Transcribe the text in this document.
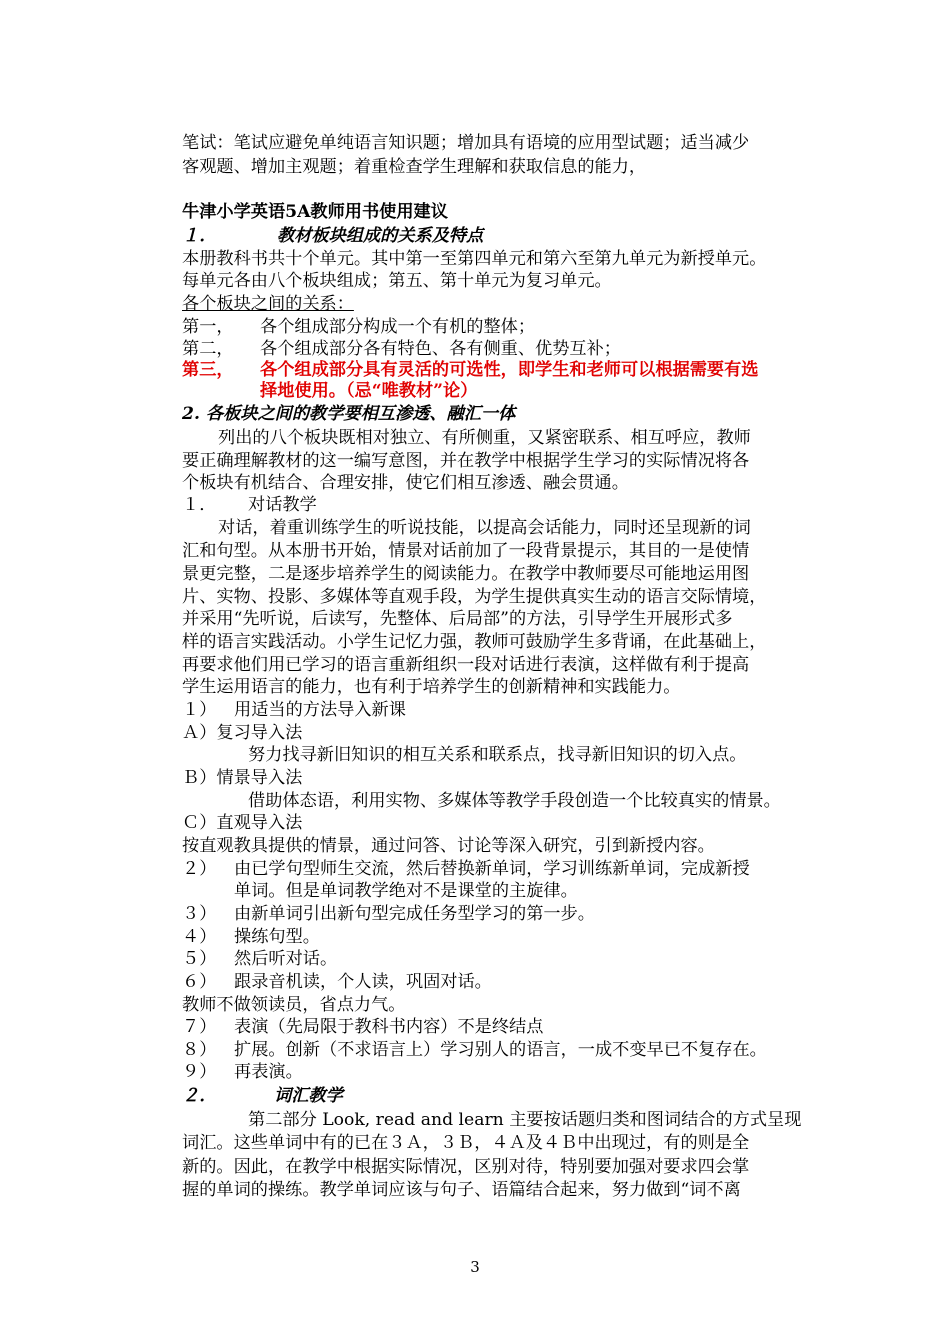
笔试：笔试应避免单纯语言知识题；增加具有语境的应用型试题；适当减少
客观题、增加主观题；着重检查学生理解和获取信息的能力，
牛津小学英语5A教师用书使用建议
１．	教材板块组成的关系及特点
本册教科书共十个单元。其中第一至第四单元和第六至第九单元为新授单元。
每单元各由八个板块组成；第五、第十单元为复习单元。
各个板块之间的关系：
第一， 各个组成部分构成一个有机的整体；
第二， 各个组成部分各有特色、各有侧重、优势互补；
第三， 各个组成部分具有灵活的可选性，即学生和老师可以根据需要有选
择地使用。（忌“唯教材”论）
2. 各板块之间的教学要相互渗透、融汇一体
列出的八个板块既相对独立、有所侧重，又紧密联系、相互呼应，教师
要正确理解教材的这一编写意图，并在教学中根据学生学习的实际情况将各
个板块有机结合、合理安排，使它们相互渗透、融会贯通。
１． 对话教学
对话，着重训练学生的听说技能，以提高会话能力，同时还呈现新的词
汇和句型。从本册书开始，情景对话前加了一段背景提示，其目的一是使情
景更完整，二是逐步培养学生的阅读能力。在教学中教师要尽可能地运用图
片、实物、投影、多媒体等直观手段，为学生提供真实生动的语言交际情境，
并采用“先听说，后读写，先整体、后局部”的方法，引导学生开展形式多
样的语言实践活动。小学生记忆力强，教师可鼓励学生多背诵，在此基础上，
再要求他们用已学习的语言重新组织一段对话进行表演，这样做有利于提高
学生运用语言的能力，也有利于培养学生的创新精神和实践能力。
１） 用适当的方法导入新课
Ａ）复习导入法
努力找寻新旧知识的相互关系和联系点，找寻新旧知识的切入点。
Ｂ）情景导入法
借助体态语，利用实物、多媒体等教学手段创造一个比较真实的情景。
Ｃ）直观导入法
按直观教具提供的情景，通过问答、讨论等深入研究，引到新授内容。
２） 由已学句型师生交流，然后替换新单词，学习训练新单词，完成新授
单词。但是单词教学绝对不是课堂的主旋律。
３） 由新单词引出新句型完成任务型学习的第一步。
４） 操练句型。
５） 然后听对话。
６） 跟录音机读，个人读，巩固对话。
教师不做领读员，省点力气。
７） 表演（先局限于教科书内容）不是终结点
８） 扩展。创新（不求语言上）学习别人的语言，一成不变早已不复存在。
９） 再表演。
２．	词汇教学
第二部分 Look, read and learn 主要按话题归类和图词结合的方式呈现
词汇。这些单词中有的已在３Ａ，３Ｂ，４Ａ及４Ｂ中出现过，有的则是全
新的。因此，在教学中根据实际情况，区别对待，特别要加强对要求四会掌
握的单词的操练。教学单词应该与句子、语篇结合起来，努力做到“词不离
3
